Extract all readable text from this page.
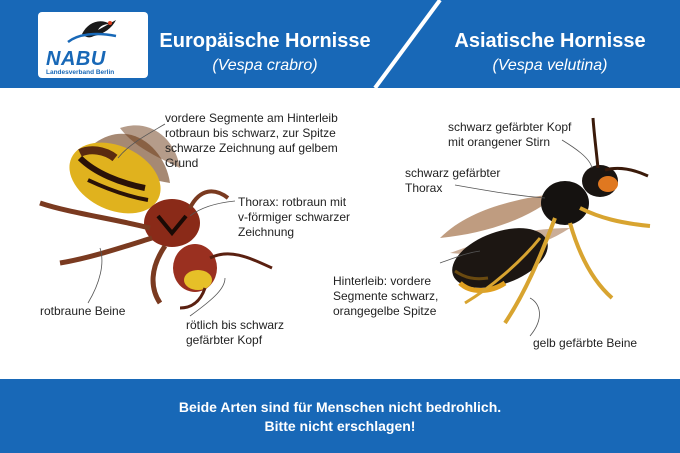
NABU
Landesverband Berlin
Europäische Hornisse
(Vespa crabro)
Asiatische Hornisse
(Vespa velutina)
vordere Segmente am Hinterleib
rotbraun bis schwarz, zur Spitze
schwarze Zeichnung auf gelbem
Grund
Thorax: rotbraun mit
v-förmiger schwarzer
Zeichnung
rotbraune Beine
rötlich bis schwarz
gefärbter Kopf
schwarz gefärbter Kopf
mit orangener Stirn
schwarz gefärbter
Thorax
Hinterleib: vordere
Segmente schwarz,
orangegelbe Spitze
gelb gefärbte Beine
Beide Arten sind für Menschen nicht bedrohlich.
Bitte nicht erschlagen!
